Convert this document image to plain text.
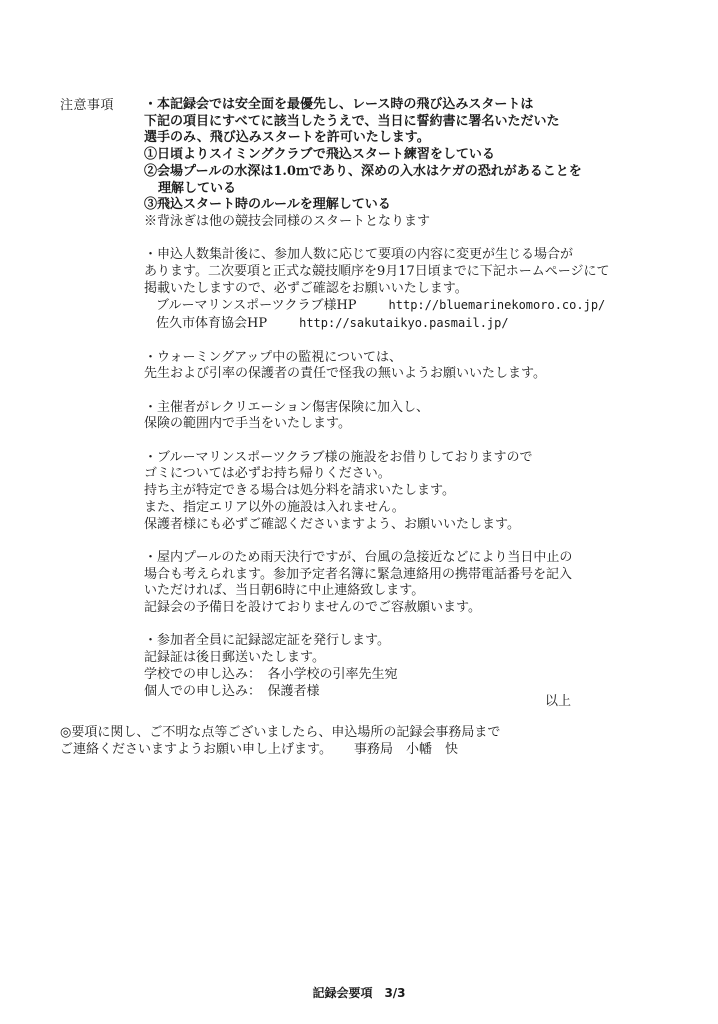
注意事項 ・本記録会では安全面を最優先し、レース時の飛び込みスタートは
下記の項目にすべてに該当したうえで、当日に誓約書に署名いただいた
選手のみ、飛び込みスタートを許可いたします。
①日頃よりスイミングクラブで飛込スタート練習をしている
②会場プールの水深は1.0ｍであり、深めの入水はケガの恐れがあることを
理解している
③飛込スタート時のルールを理解している
※背泳ぎは他の競技会同様のスタートとなります
・申込人数集計後に、参加人数に応じて要項の内容に変更が生じる場合が
あります。二次要項と正式な競技順序を9月17日頃までに下記ホームページにて
掲載いたしますので、必ずご確認をお願いいたします。
ブルーマリンスポーツクラブ様HP	http://bluemarinekomoro.co.jp/
佐久市体育協会HP	http://sakutaikyo.pasmail.jp/
・ウォーミングアップ中の監視については、
先生および引率の保護者の責任で怪我の無いようお願いいたします。
・主催者がレクリエーション傷害保険に加入し、
保険の範囲内で手当をいたします。
・ブルーマリンスポーツクラブ様の施設をお借りしておりますので
ゴミについては必ずお持ち帰りください。
持ち主が特定できる場合は処分料を請求いたします。
また、指定エリア以外の施設は入れません。
保護者様にも必ずご確認くださいますよう、お願いいたします。
・屋内プールのため雨天決行ですが、台風の急接近などにより当日中止の
場合も考えられます。参加予定者名簿に緊急連絡用の携帯電話番号を記入
いただければ、当日朝6時に中止連絡致します。
記録会の予備日を設けておりませんのでご容赦願います。
・参加者全員に記録認定証を発行します。
記録証は後日郵送いたします。
学校での申し込み：　各小学校の引率先生宛
個人での申し込み：　保護者様
以上
◎要項に関し、ご不明な点等ございましたら、申込場所の記録会事務局まで
ご連絡くださいますようお願い申し上げます。 事務局　小幡　快
記録会要項　3/3
